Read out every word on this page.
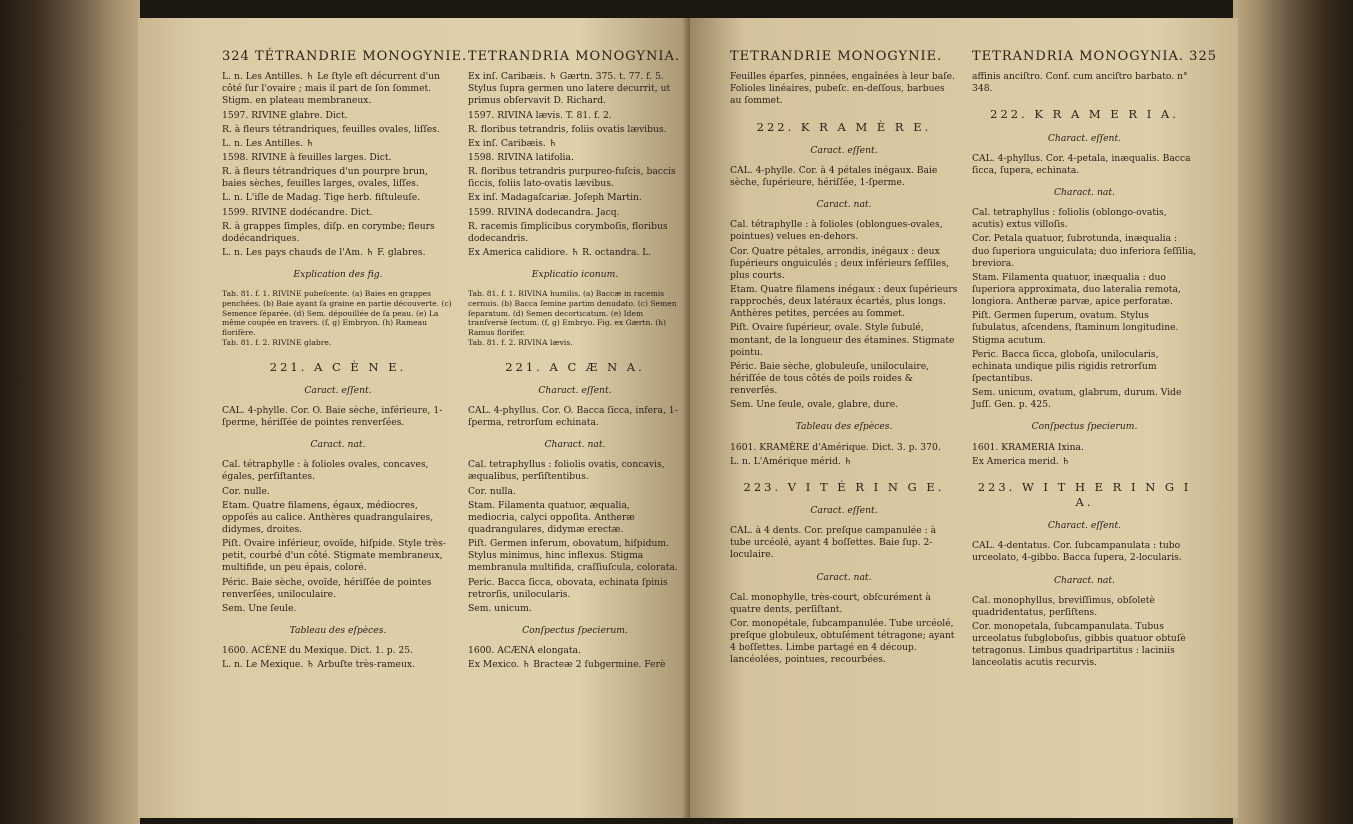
324 TÉTRANDRIE MONOGYNIE.
L. n. Les Antilles. ♄ Le ſtyle eſt décurrent d'un côté ſur l'ovaire ; mais il part de ſon ſommet. Stigm. en plateau membraneux.
1597. RIVINE glabre. Dict.
R. à fleurs tétrandriques, feuilles ovales, liſſes.
L. n. Les Antilles. ♄
1598. RIVINE à feuilles larges. Dict.
R. à fleurs tétrandriques d'un pourpre brun, baies sèches, feuilles larges, ovales, liſſes.
L. n. L'iſle de Madag. Tige herb. fiſtuleuſe.
1599. RIVINE dodécandre. Dict.
R. à grappes ſimples, diſp. en corymbe; fleurs dodécandriques.
L. n. Les pays chauds de l'Am. ♄ F. glabres.
Explication des fig.
Tab. 81. f. 1. RIVINE pubeſcente. (a) Baies en grappes penchées. (b) Baie ayant ſa graine en partie découverte. (c) Semence ſéparée. (d) Sem. dépouillée de ſa peau. (e) La même coupée en travers. (f, g) Embryon. (h) Rameau florifère.
Tab. 81. f. 2. RIVINE glabre.
221. A C È N E.
Caract. eſſent.
CAL. 4-phylle. Cor. O. Baie sèche, inférieure, 1-ſperme, hériſſée de pointes renverſées.
Caract. nat.
Cal. tétraphylle : à folioles ovales, concaves, égales, perſiſtantes.
Cor. nulle.
Etam. Quatre filamens, égaux, médiocres, oppoſés au calice. Anthères quadrangulaires, didymes, droites.
Piſt. Ovaire inférieur, ovoïde, hiſpide. Style très-petit, courbé d'un côté. Stigmate membraneux, multifide, un peu épais, coloré.
Péric. Baie sèche, ovoïde, hériſſée de pointes renverſées, uniloculaire.
Sem. Une ſeule.
Tableau des eſpèces.
1600. ACÈNE du Mexique. Dict. 1. p. 25.
L. n. Le Mexique. ♄ Arbuſte très-rameux.
TETRANDRIA MONOGYNIA.
Ex inſ. Caribæis. ♄ Gærtn. 375. t. 77. f. 5. Stylus ſupra germen uno latere decurrit, ut primus obſervavit D. Richard.
1597. RIVINA lævis. T. 81. f. 2.
R. floribus tetrandris, foliis ovatis lævibus.
Ex inſ. Caribæis. ♄
1598. RIVINA latifolia.
R. floribus tetrandris purpureo-fuſcis, baccis ſiccis, foliis lato-ovatis lævibus.
Ex inſ. Madagaſcariæ. Joſeph Martin.
1599. RIVINA dodecandra. Jacq.
R. racemis ſimplicibus corymboſis, floribus dodecandris.
Ex America calidiore. ♄ R. octandra. L.
Explicatio iconum.
Tab. 81. f. 1. RIVINA humilis. (a) Baccæ in racemis cernuis. (b) Bacca ſemine partim denudato. (c) Semen ſeparatum. (d) Semen decorticatum. (e) Idem tranſversè ſectum. (f, g) Embryo. Fig. ex Gærtn. (h) Ramus florifer.
Tab. 81. f. 2. RIVINA lævis.
221. A C Æ N A.
Charact. eſſent.
CAL. 4-phyllus. Cor. O. Bacca ſicca, infera, 1-ſperma, retrorſum echinata.
Charact. nat.
Cal. tetraphyllus : foliolis ovatis, concavis, æqualibus, perſiſtentibus.
Cor. nulla.
Stam. Filamenta quatuor, æqualia, mediocria, calyci oppoſita. Antheræ quadrangulares, didymæ erectæ.
Piſt. Germen inferum, obovatum, hiſpidum. Stylus minimus, hinc inflexus. Stigma membranula multifida, craſſiuſcula, colorata.
Peric. Bacca ſicca, obovata, echinata ſpinis retrorſis, unilocularis.
Sem. unicum.
Conſpectus ſpecierum.
1600. ACÆNA elongata.
Ex Mexico. ♄ Bracteæ 2 ſubgermine. Ferè
TETRANDRIE MONOGYNIE.
Feuilles éparſes, pinnées, engaînées à leur baſe. Folioles linéaires, pubeſc. en-deſſous, barbues au ſommet.
222. K R A M È R E.
Caract. eſſent.
CAL. 4-phylle. Cor. à 4 pétales inégaux. Baie sèche, ſupérieure, hériſſée, 1-ſperme.
Caract. nat.
Cal. tétraphylle : à folioles (oblongues-ovales, pointues) velues en-dehors.
Cor. Quatre pétales, arrondis, inégaux : deux ſupérieurs onguiculés ; deux inférieurs ſeſſiles, plus courts.
Etam. Quatre filamens inégaux : deux ſupérieurs rapprochés, deux latéraux écartés, plus longs. Anthères petites, percées au ſommet.
Piſt. Ovaire ſupérieur, ovale. Style ſubulé, montant, de la longueur des étamines. Stigmate pointu.
Péric. Baie sèche, globuleuſe, uniloculaire, hériſſée de tous côtés de poils roides & renverſés.
Sem. Une ſeule, ovale, glabre, dure.
Tableau des eſpèces.
1601. KRAMÈRE d'Amérique. Dict. 3. p. 370.
L. n. L'Amérique mérid. ♄
223. V I T É R I N G E.
Caract. eſſent.
CAL. à 4 dents. Cor. preſque campanulée : à tube urcéolé, ayant 4 boſſettes. Baie ſup. 2-loculaire.
Caract. nat.
Cal. monophylle, très-court, obſcurément à quatre dents, perſiſtant.
Cor. monopétale, ſubcampanulée. Tube urcéolé, preſque globuleux, obtuſément tétragone; ayant 4 boſſettes. Limbe partagé en 4 découp. lancéolées, pointues, recourbées.
TETRANDRIA MONOGYNIA. 325
affinis anciſtro. Conf. cum anciſtro barbato. n° 348.
222. K R A M E R I A.
Charact. eſſent.
CAL. 4-phyllus. Cor. 4-petala, inæqualis. Bacca ſicca, ſupera, echinata.
Charact. nat.
Cal. tetraphyllus : foliolis (oblongo-ovatis, acutis) extus villoſis.
Cor. Petala quatuor, ſubrotunda, inæqualia : duo ſuperiora unguiculata; duo inferiora ſeſſilia, breviora.
Stam. Filamenta quatuor, inæqualia : duo ſuperiora approximata, duo lateralia remota, longiora. Antheræ parvæ, apice perforatæ.
Piſt. Germen ſuperum, ovatum. Stylus ſubulatus, aſcendens, ſtaminum longitudine. Stigma acutum.
Peric. Bacca ſicca, globoſa, unilocularis, echinata undique pilis rigidis retrorſum ſpectantibus.
Sem. unicum, ovatum, glabrum, durum. Vide Juſſ. Gen. p. 425.
Conſpectus ſpecierum.
1601. KRAMERIA Ixina.
Ex America merid. ♄
223. W I T H E R I N G I A.
Charact. eſſent.
CAL. 4-dentatus. Cor. ſubcampanulata : tubo urceolato, 4-gibbo. Bacca ſupera, 2-locularis.
Charact. nat.
Cal. monophyllus, breviſſimus, obſoletè quadridentatus, perſiſtens.
Cor. monopetala, ſubcampanulata. Tubus urceolatus ſubgloboſus, gibbis quatuor obtuſè tetragonus. Limbus quadripartitus : laciniis lanceolatis acutis recurvis.
